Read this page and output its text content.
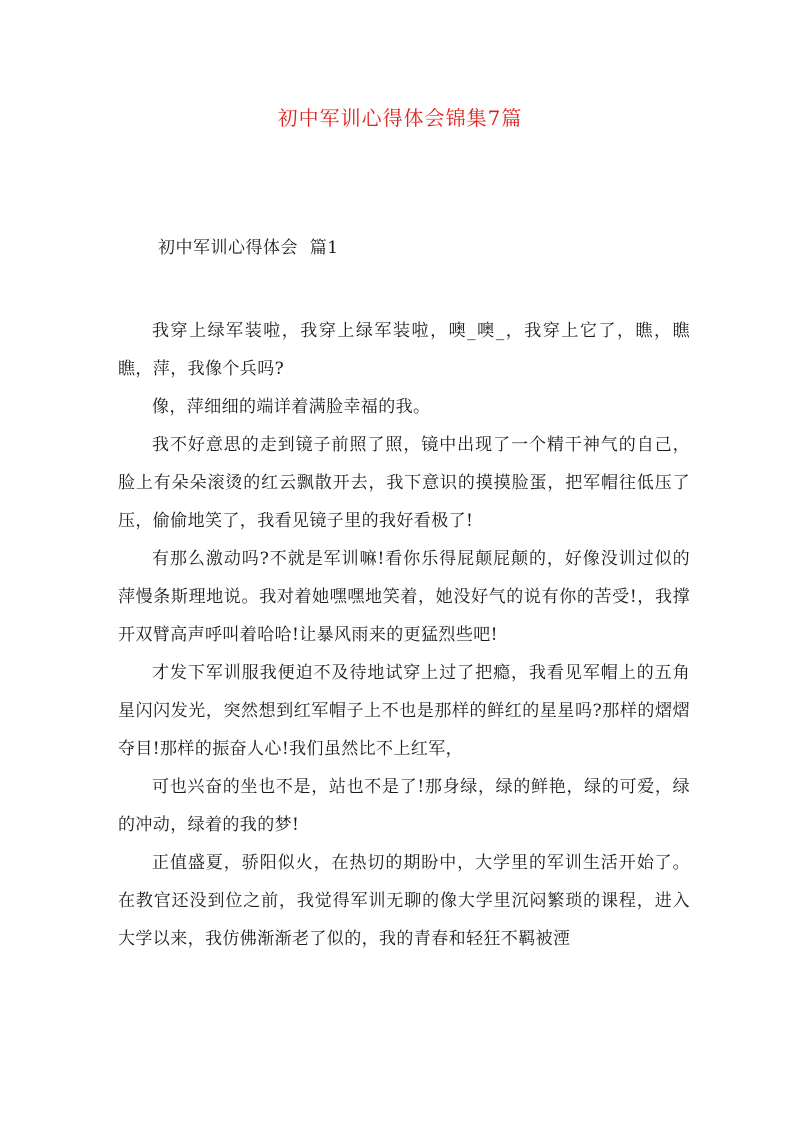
初中军训心得体会锦集7篇
初中军训心得体会  篇1

我穿上绿军装啦，我穿上绿军装啦，噢_噢_，我穿上它了，瞧，瞧瞧，萍，我像个兵吗?

像，萍细细的端详着满脸幸福的我。

我不好意思的走到镜子前照了照，镜中出现了一个精干神气的自己，脸上有朵朵滚烫的红云飘散开去，我下意识的摸摸脸蛋，把军帽往低压了压，偷偷地笑了，我看见镜子里的我好看极了!

有那么激动吗?不就是军训嘛!看你乐得屁颠屁颠的，好像没训过似的萍慢条斯理地说。我对着她嘿嘿地笑着，她没好气的说有你的苦受!，我撑开双臂高声呼叫着哈哈!让暴风雨来的更猛烈些吧!

才发下军训服我便迫不及待地试穿上过了把瘾，我看见军帽上的五角星闪闪发光，突然想到红军帽子上不也是那样的鲜红的星星吗?那样的熠熠夺目!那样的振奋人心!我们虽然比不上红军，

可也兴奋的坐也不是，站也不是了!那身绿，绿的鲜艳，绿的可爱，绿的冲动，绿着的我的梦!

正值盛夏，骄阳似火，在热切的期盼中，大学里的军训生活开始了。在教官还没到位之前，我觉得军训无聊的像大学里沉闷繁琐的课程，进入大学以来，我仿佛渐渐老了似的，我的青春和轻狂不羁被湮
